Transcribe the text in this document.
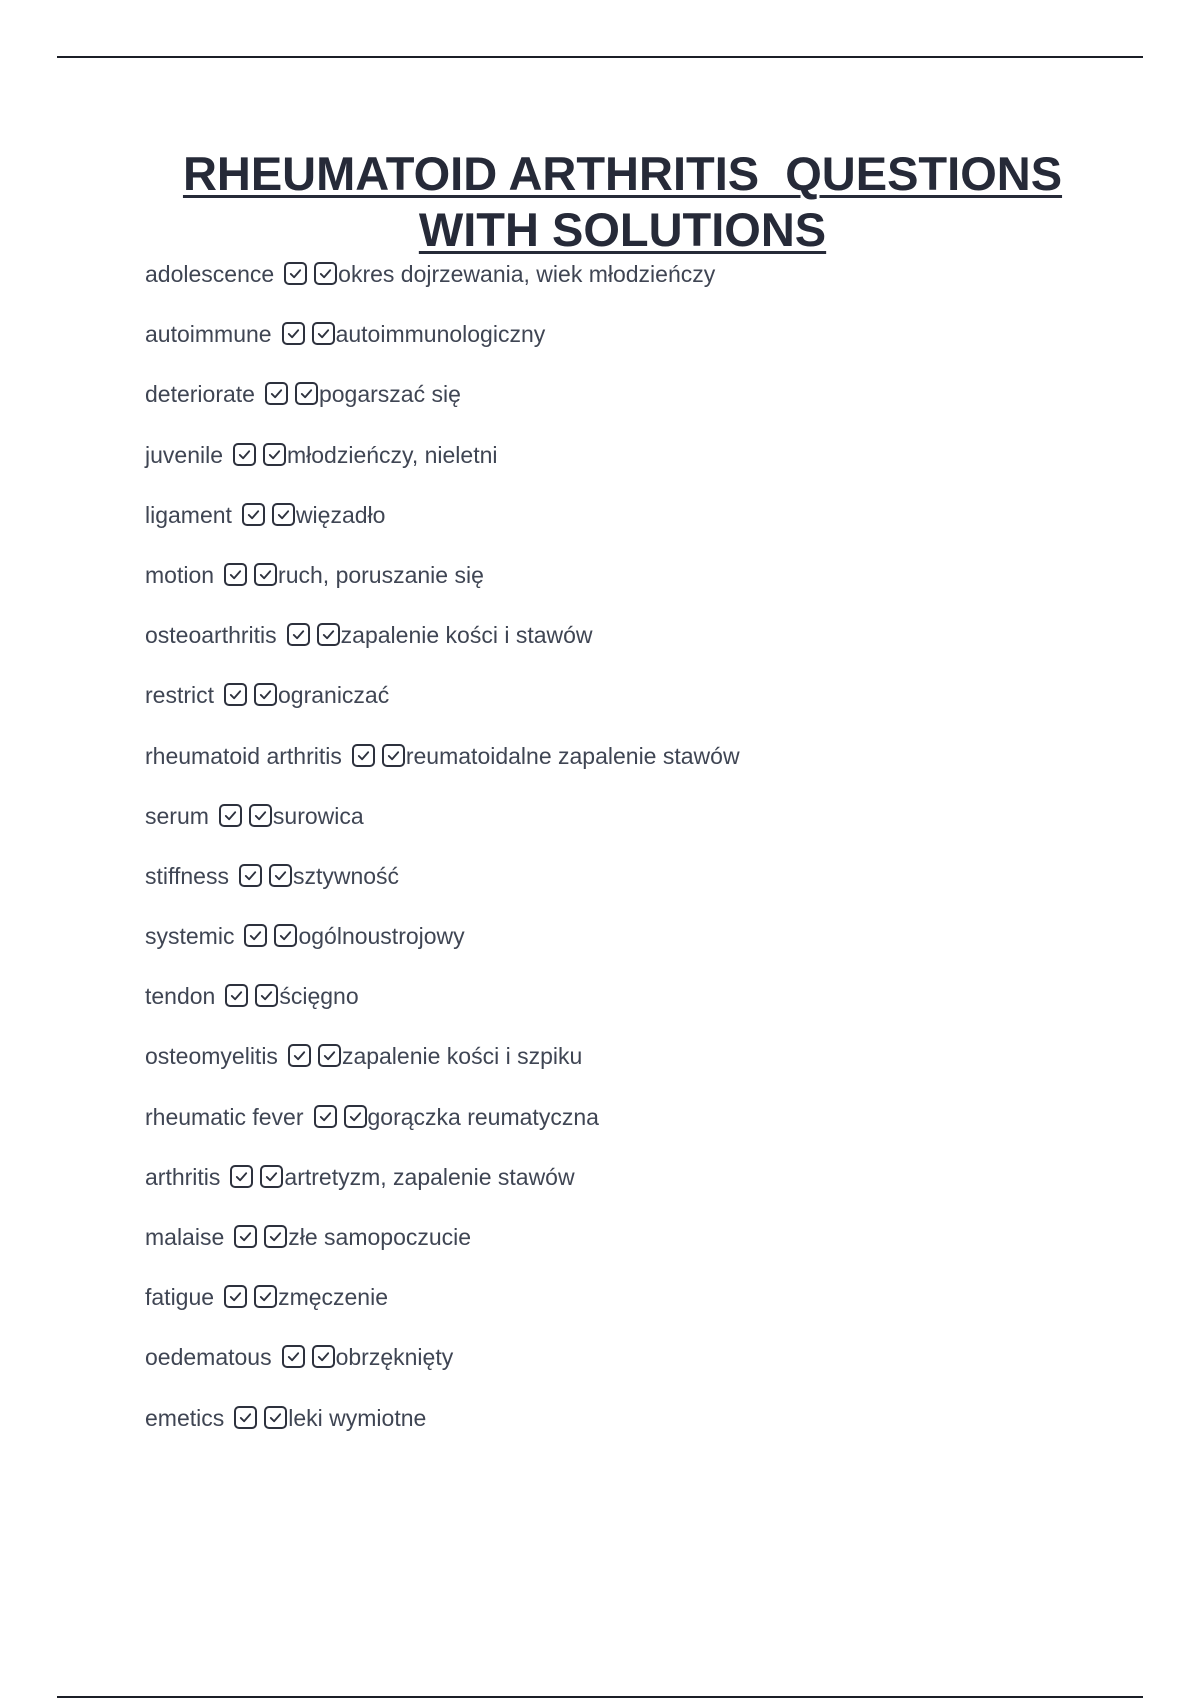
RHEUMATOID ARTHRITIS  QUESTIONS
WITH SOLUTIONS
adolescence	okres dojrzewania, wiek młodzieńczy
autoimmune	autoimmunologiczny
deteriorate	pogarszać się
juvenile	młodzieńczy, nieletni
ligament	więzadło
motion	ruch, poruszanie się
osteoarthritis	zapalenie kości i stawów
restrict	ograniczać
rheumatoid arthritis	reumatoidalne zapalenie stawów
serum	surowica
stiffness	sztywność
systemic	ogólnoustrojowy
tendon	ścięgno
osteomyelitis	zapalenie kości i szpiku
rheumatic fever	gorączka reumatyczna
arthritis	artretyzm, zapalenie stawów
malaise	złe samopoczucie
fatigue	zmęczenie
oedematous	obrzęknięty
emetics	leki wymiotne
